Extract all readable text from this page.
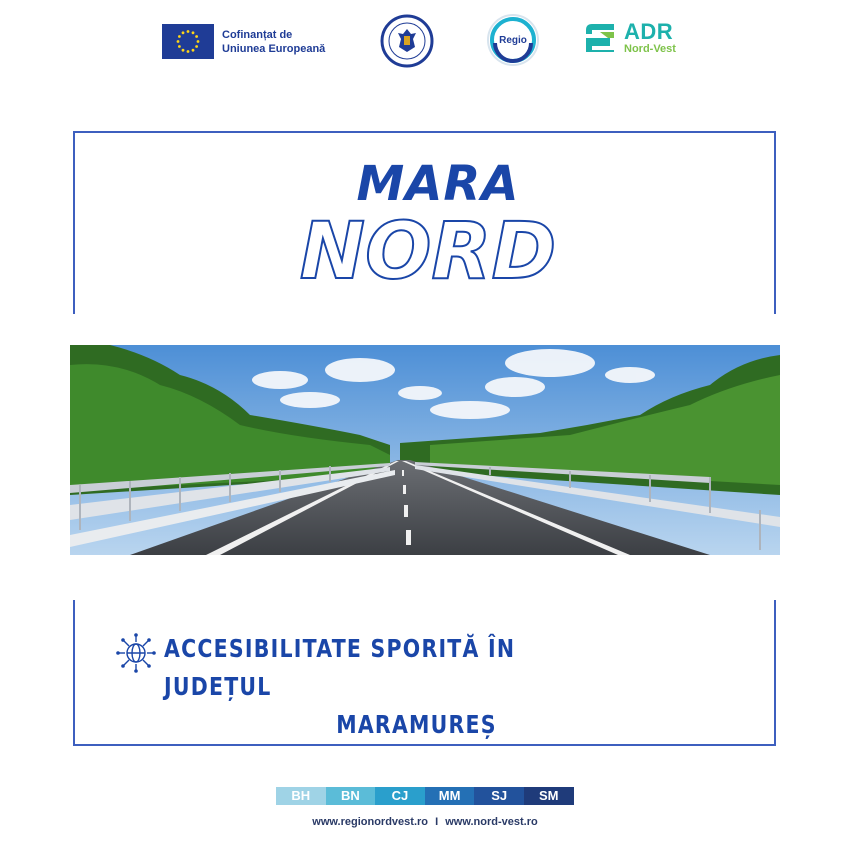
Cofinanțat de
Uniunea Europeană
Regio	ADR
Nord-Vest
MARA
NORD
ACCESIBILITATE SPORITĂ ÎN JUDEȚUL
MARAMUREȘ
BH	BN	CJ	MM	SJ	SM
www.regionordvest.ro I www.nord-vest.ro
